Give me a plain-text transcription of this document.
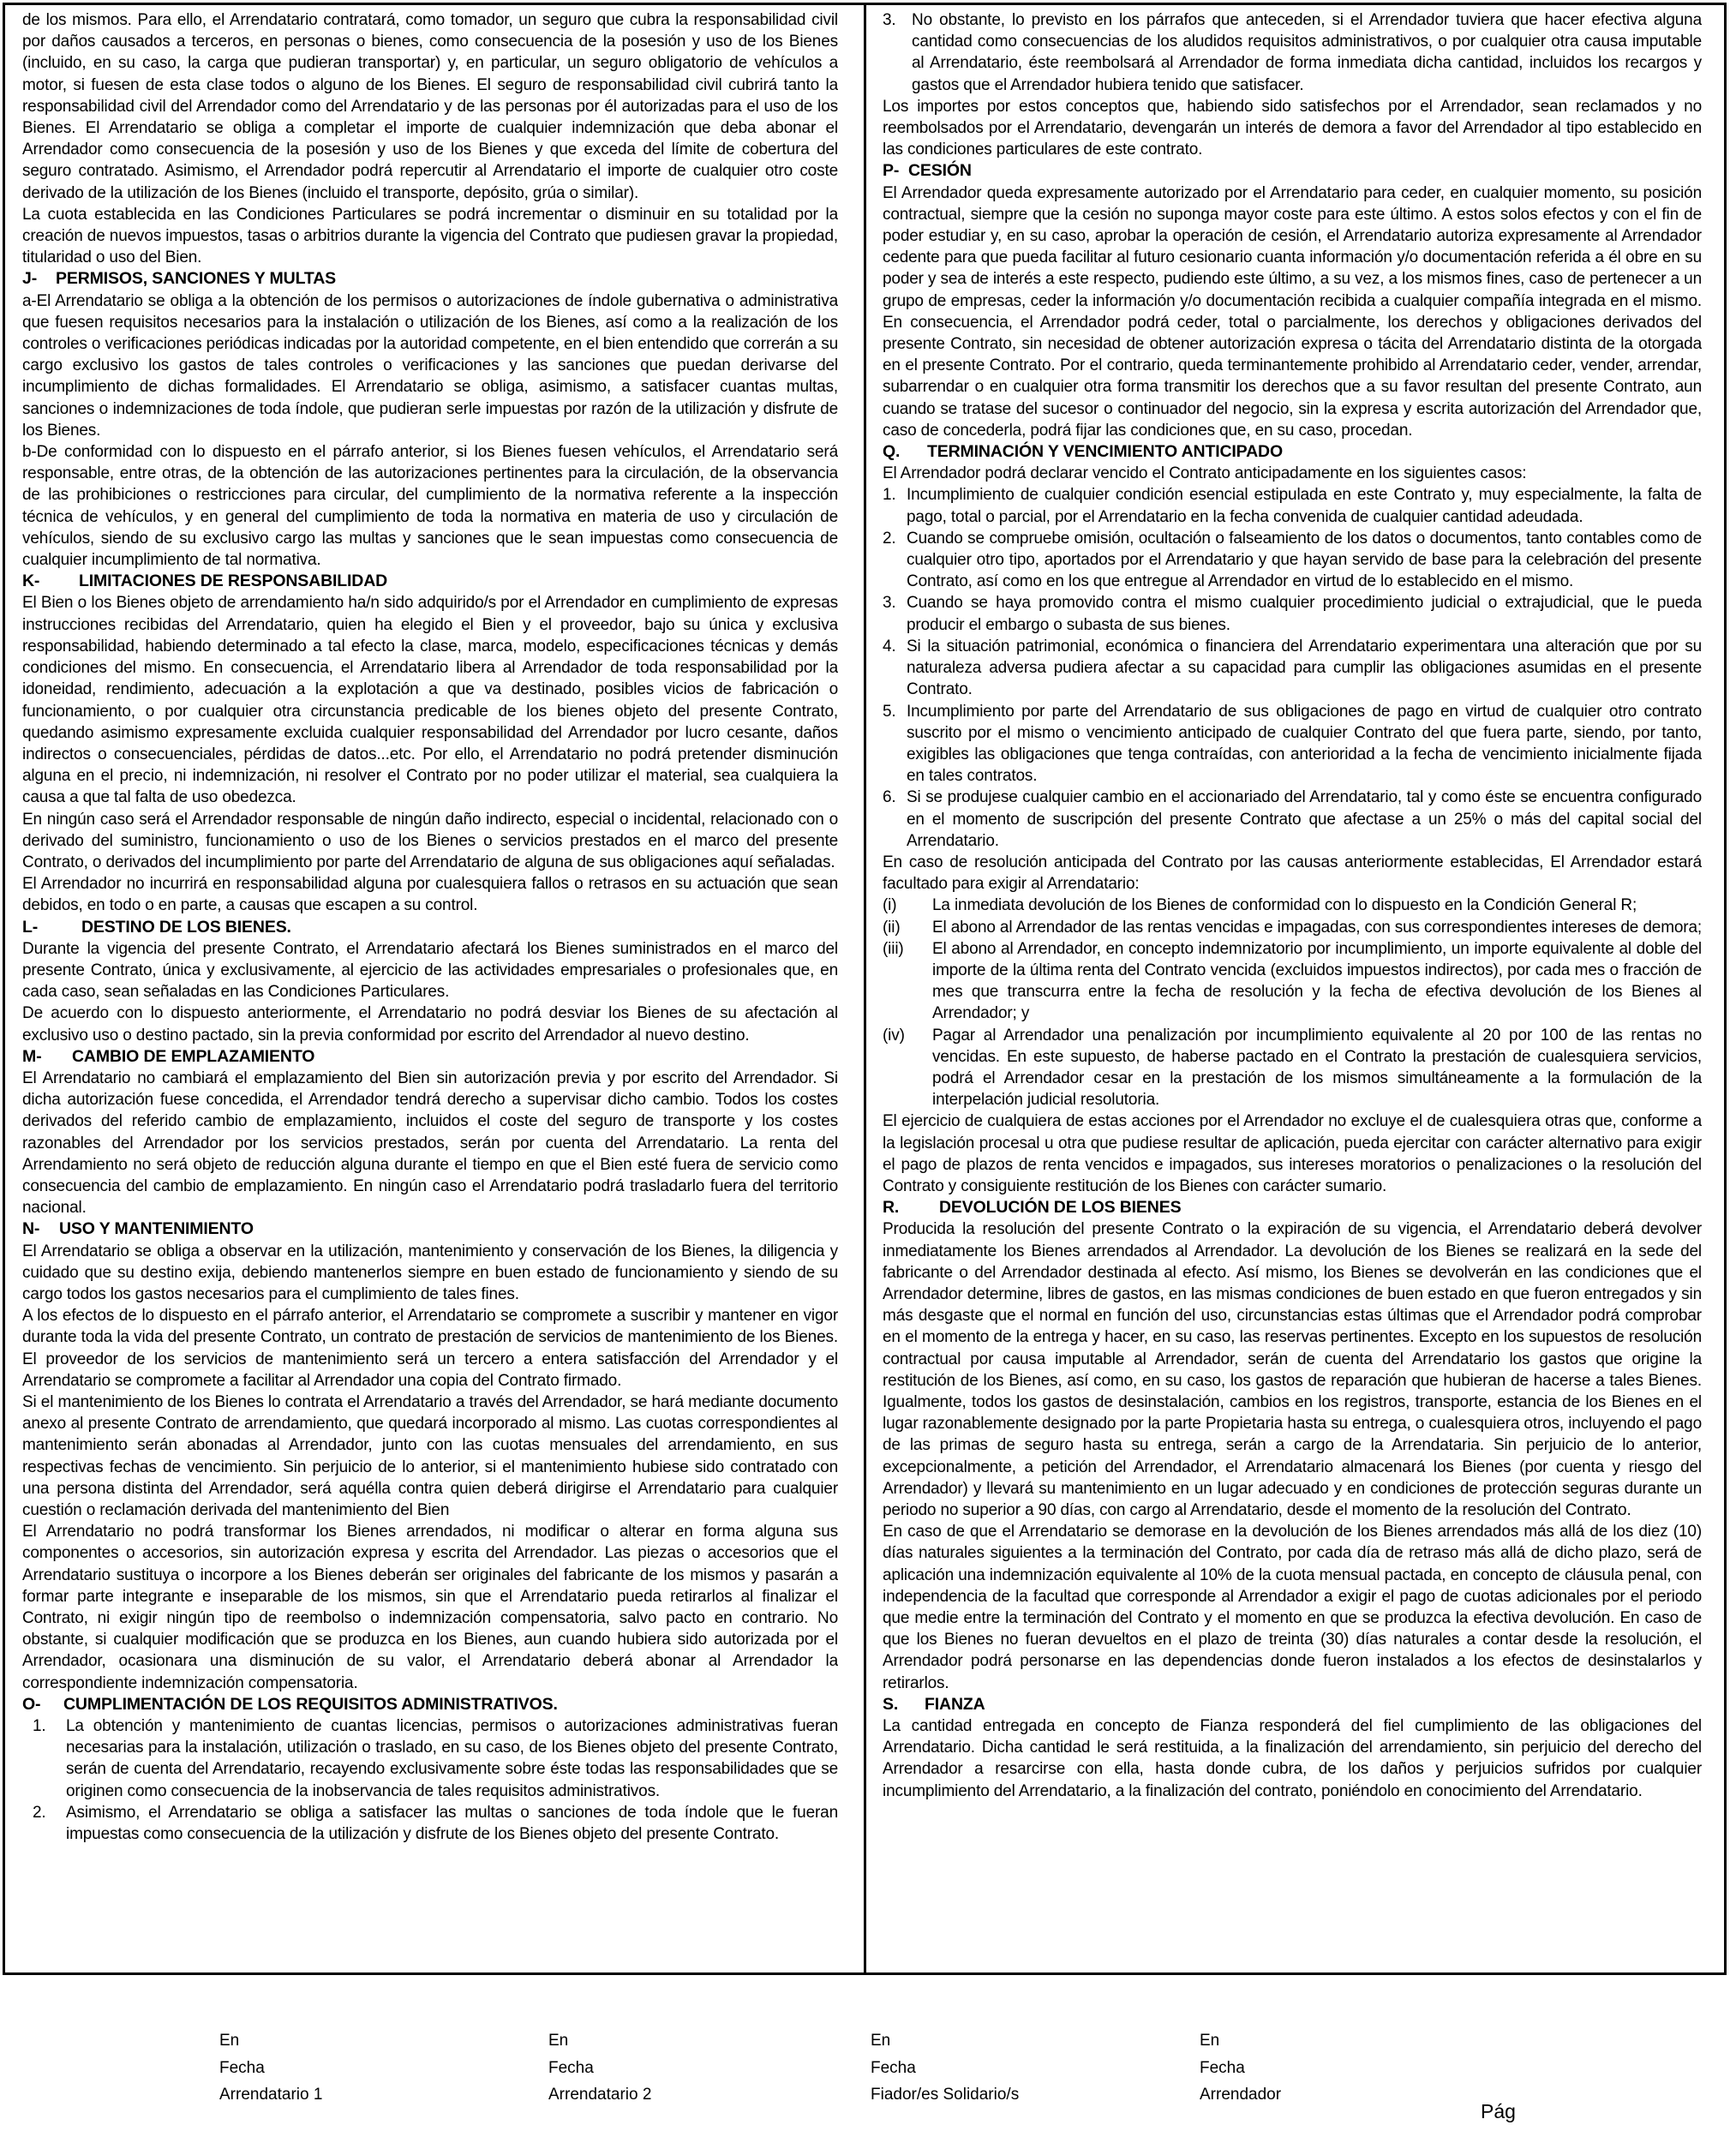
de los mismos. Para ello, el Arrendatario contratará, como tomador, un seguro que cubra la responsabilidad civil por daños causados a terceros, en personas o bienes, como consecuencia de la posesión y uso de los Bienes (incluido, en su caso, la carga que pudieran transportar) y, en particular, un seguro obligatorio de vehículos a motor, si fuesen de esta clase todos o alguno de los Bienes. El seguro de responsabilidad civil cubrirá tanto la responsabilidad civil del Arrendador como del Arrendatario y de las personas por él autorizadas para el uso de los Bienes. El Arrendatario se obliga a completar el importe de cualquier indemnización que deba abonar el Arrendador como consecuencia de la posesión y uso de los Bienes y que exceda del límite de cobertura del seguro contratado. Asimismo, el Arrendador podrá repercutir al Arrendatario el importe de cualquier otro coste derivado de la utilización de los Bienes (incluido el transporte, depósito, grúa o similar).

La cuota establecida en las Condiciones Particulares se podrá incrementar o disminuir en su totalidad por la creación de nuevos impuestos, tasas o arbitrios durante la vigencia del Contrato que pudiesen gravar la propiedad, titularidad o uso del Bien.

J- PERMISOS, SANCIONES Y MULTAS

a-El Arrendatario se obliga a la obtención de los permisos o autorizaciones de índole gubernativa o administrativa que fuesen requisitos necesarios para la instalación o utilización de los Bienes, así como a la realización de los controles o verificaciones periódicas indicadas por la autoridad competente, en el bien entendido que correrán a su cargo exclusivo los gastos de tales controles o verificaciones y las sanciones que puedan derivarse del incumplimiento de dichas formalidades. El Arrendatario se obliga, asimismo, a satisfacer cuantas multas, sanciones o indemnizaciones de toda índole, que pudieran serle impuestas por razón de la utilización y disfrute de los Bienes.

b-De conformidad con lo dispuesto en el párrafo anterior, si los Bienes fuesen vehículos, el Arrendatario será responsable, entre otras, de la obtención de las autorizaciones pertinentes para la circulación, de la observancia de las prohibiciones o restricciones para circular, del cumplimiento de la normativa referente a la inspección técnica de vehículos, y en general del cumplimiento de toda la normativa en materia de uso y circulación de vehículos, siendo de su exclusivo cargo las multas y sanciones que le sean impuestas como consecuencia de cualquier incumplimiento de tal normativa.

K- LIMITACIONES DE RESPONSABILIDAD

El Bien o los Bienes objeto de arrendamiento ha/n sido adquirido/s por el Arrendador en cumplimiento de expresas instrucciones recibidas del Arrendatario, quien ha elegido el Bien y el proveedor, bajo su única y exclusiva responsabilidad, habiendo determinado a tal efecto la clase, marca, modelo, especificaciones técnicas y demás condiciones del mismo. En consecuencia, el Arrendatario libera al Arrendador de toda responsabilidad por la idoneidad, rendimiento, adecuación a la explotación a que va destinado, posibles vicios de fabricación o funcionamiento, o por cualquier otra circunstancia predicable de los bienes objeto del presente Contrato, quedando asimismo expresamente excluida cualquier responsabilidad del Arrendador por lucro cesante, daños indirectos o consecuenciales, pérdidas de datos...etc. Por ello, el Arrendatario no podrá pretender disminución alguna en el precio, ni indemnización, ni resolver el Contrato por no poder utilizar el material, sea cualquiera la causa a que tal falta de uso obedezca.

En ningún caso será el Arrendador responsable de ningún daño indirecto, especial o incidental, relacionado con o derivado del suministro, funcionamiento o uso de los Bienes o servicios prestados en el marco del presente Contrato, o derivados del incumplimiento por parte del Arrendatario de alguna de sus obligaciones aquí señaladas.

El Arrendador no incurrirá en responsabilidad alguna por cualesquiera fallos o retrasos en su actuación que sean debidos, en todo o en parte, a causas que escapen a su control.

L-	DESTINO DE LOS BIENES.

Durante la vigencia del presente Contrato, el Arrendatario afectará los Bienes suministrados en el marco del presente Contrato, única y exclusivamente, al ejercicio de las actividades empresariales o profesionales que, en cada caso, sean señaladas en las Condiciones Particulares.

De acuerdo con lo dispuesto anteriormente, el Arrendatario no podrá desviar los Bienes de su afectación al exclusivo uso o destino pactado, sin la previa conformidad por escrito del Arrendador al nuevo destino.

M- CAMBIO DE EMPLAZAMIENTO

El Arrendatario no cambiará el emplazamiento del Bien sin autorización previa y por escrito del Arrendador. Si dicha autorización fuese concedida, el Arrendador tendrá derecho a supervisar dicho cambio. Todos los costes derivados del referido cambio de emplazamiento, incluidos el coste del seguro de transporte y los costes razonables del Arrendador por los servicios prestados, serán por cuenta del Arrendatario. La renta del Arrendamiento no será objeto de reducción alguna durante el tiempo en que el Bien esté fuera de servicio como consecuencia del cambio de emplazamiento. En ningún caso el Arrendatario podrá trasladarlo fuera del territorio nacional.

N- USO Y MANTENIMIENTO

El Arrendatario se obliga a observar en la utilización, mantenimiento y conservación de los Bienes, la diligencia y cuidado que su destino exija, debiendo mantenerlos siempre en buen estado de funcionamiento y siendo de su cargo todos los gastos necesarios para el cumplimiento de tales fines.

A los efectos de lo dispuesto en el párrafo anterior, el Arrendatario se compromete a suscribir y mantener en vigor durante toda la vida del presente Contrato, un contrato de prestación de servicios de mantenimiento de los Bienes. El proveedor de los servicios de mantenimiento será un tercero a entera satisfacción del Arrendador y el Arrendatario se compromete a facilitar al Arrendador una copia del Contrato firmado.

Si el mantenimiento de los Bienes lo contrata el Arrendatario a través del Arrendador, se hará mediante documento anexo al presente Contrato de arrendamiento, que quedará incorporado al mismo. Las cuotas correspondientes al mantenimiento serán abonadas al Arrendador, junto con las cuotas mensuales del arrendamiento, en sus respectivas fechas de vencimiento. Sin perjuicio de lo anterior, si el mantenimiento hubiese sido contratado con una persona distinta del Arrendador, será aquélla contra quien deberá dirigirse el Arrendatario para cualquier cuestión o reclamación derivada del mantenimiento del Bien

El Arrendatario no podrá transformar los Bienes arrendados, ni modificar o alterar en forma alguna sus componentes o accesorios, sin autorización expresa y escrita del Arrendador. Las piezas o accesorios que el Arrendatario sustituya o incorpore a los Bienes deberán ser originales del fabricante de los mismos y pasarán a formar parte integrante e inseparable de los mismos, sin que el Arrendatario pueda retirarlos al finalizar el Contrato, ni exigir ningún tipo de reembolso o indemnización compensatoria, salvo pacto en contrario. No obstante, si cualquier modificación que se produzca en los Bienes, aun cuando hubiera sido autorizada por el Arrendador, ocasionara una disminución de su valor, el Arrendatario deberá abonar al Arrendador la correspondiente indemnización compensatoria.

O- CUMPLIMENTACIÓN DE LOS REQUISITOS ADMINISTRATIVOS.
1. La obtención y mantenimiento de cuantas licencias, permisos o autorizaciones administrativas fueran necesarias para la instalación, utilización o traslado, en su caso, de los Bienes objeto del presente Contrato, serán de cuenta del Arrendatario, recayendo exclusivamente sobre éste todas las responsabilidades que se originen como consecuencia de la inobservancia de tales requisitos administrativos.
2. Asimismo, el Arrendatario se obliga a satisfacer las multas o sanciones de toda índole que le fueran impuestas como consecuencia de la utilización y disfrute de los Bienes objeto del presente Contrato.
3. No obstante, lo previsto en los párrafos que anteceden, si el Arrendador tuviera que hacer efectiva alguna cantidad como consecuencias de los aludidos requisitos administrativos, o por cualquier otra causa imputable al Arrendatario, éste reembolsará al Arrendador de forma inmediata dicha cantidad, incluidos los recargos y gastos que el Arrendador hubiera tenido que satisfacer.

Los importes por estos conceptos que, habiendo sido satisfechos por el Arrendador, sean reclamados y no reembolsados por el Arrendatario, devengarán un interés de demora a favor del Arrendador al tipo establecido en las condiciones particulares de este contrato.

P- CESIÓN

El Arrendador queda expresamente autorizado por el Arrendatario para ceder, en cualquier momento, su posición contractual, siempre que la cesión no suponga mayor coste para este último. A estos solos efectos y con el fin de poder estudiar y, en su caso, aprobar la operación de cesión, el Arrendatario autoriza expresamente al Arrendador cedente para que pueda facilitar al futuro cesionario cuanta información y/o documentación referida a él obre en su poder y sea de interés a este respecto, pudiendo este último, a su vez, a los mismos fines, caso de pertenecer a un grupo de empresas, ceder la información y/o documentación recibida a cualquier compañía integrada en el mismo. En consecuencia, el Arrendador podrá ceder, total o parcialmente, los derechos y obligaciones derivados del presente Contrato, sin necesidad de obtener autorización expresa o tácita del Arrendatario distinta de la otorgada en el presente Contrato. Por el contrario, queda terminantemente prohibido al Arrendatario ceder, vender, arrendar, subarrendar o en cualquier otra forma transmitir los derechos que a su favor resultan del presente Contrato, aun cuando se tratase del sucesor o continuador del negocio, sin la expresa y escrita autorización del Arrendador que, caso de concederla, podrá fijar las condiciones que, en su caso, procedan.

Q. TERMINACIÓN Y VENCIMIENTO ANTICIPADO

El Arrendador podrá declarar vencido el Contrato anticipadamente en los siguientes casos:

1. Incumplimiento de cualquier condición esencial estipulada en este Contrato y, muy especialmente, la falta de pago, total o parcial, por el Arrendatario en la fecha convenida de cualquier cantidad adeudada.
2. Cuando se compruebe omisión, ocultación o falseamiento de los datos o documentos, tanto contables como de cualquier otro tipo, aportados por el Arrendatario y que hayan servido de base para la celebración del presente Contrato, así como en los que entregue al Arrendador en virtud de lo establecido en el mismo.
3. Cuando se haya promovido contra el mismo cualquier procedimiento judicial o extrajudicial, que le pueda producir el embargo o subasta de sus bienes.
4. Si la situación patrimonial, económica o financiera del Arrendatario experimentara una alteración que por su naturaleza adversa pudiera afectar a su capacidad para cumplir las obligaciones asumidas en el presente Contrato.
5. Incumplimiento por parte del Arrendatario de sus obligaciones de pago en virtud de cualquier otro contrato suscrito por el mismo o vencimiento anticipado de cualquier Contrato del que fuera parte, siendo, por tanto, exigibles las obligaciones que tenga contraídas, con anterioridad a la fecha de vencimiento inicialmente fijada en tales contratos.
6. Si se produjese cualquier cambio en el accionariado del Arrendatario, tal y como éste se encuentra configurado en el momento de suscripción del presente Contrato que afectase a un 25% o más del capital social del Arrendatario.

En caso de resolución anticipada del Contrato por las causas anteriormente establecidas, El Arrendador estará facultado para exigir al Arrendatario:

(i) La inmediata devolución de los Bienes de conformidad con lo dispuesto en la Condición General R;
(ii) El abono al Arrendador de las rentas vencidas e impagadas, con sus correspondientes intereses de demora;
(iii) El abono al Arrendador, en concepto indemnizatorio por incumplimiento, un importe equivalente al doble del importe de la última renta del Contrato vencida (excluidos impuestos indirectos), por cada mes o fracción de mes que transcurra entre la fecha de resolución y la fecha de efectiva devolución de los Bienes al Arrendador; y
(iv) Pagar al Arrendador una penalización por incumplimiento equivalente al 20 por 100 de las rentas no vencidas. En este supuesto, de haberse pactado en el Contrato la prestación de cualesquiera servicios, podrá el Arrendador cesar en la prestación de los mismos simultáneamente a la formulación de la interpelación judicial resolutoria.

El ejercicio de cualquiera de estas acciones por el Arrendador no excluye el de cualesquiera otras que, conforme a la legislación procesal u otra que pudiese resultar de aplicación, pueda ejercitar con carácter alternativo para exigir el pago de plazos de renta vencidos e impagados, sus intereses moratorios o penalizaciones o la resolución del Contrato y consiguiente restitución de los Bienes con carácter sumario.

R. DEVOLUCIÓN DE LOS BIENES

Producida la resolución del presente Contrato o la expiración de su vigencia, el Arrendatario deberá devolver inmediatamente los Bienes arrendados al Arrendador. La devolución de los Bienes se realizará en la sede del fabricante o del Arrendador destinada al efecto. Así mismo, los Bienes se devolverán en las condiciones que el Arrendador determine, libres de gastos, en las mismas condiciones de buen estado en que fueron entregados y sin más desgaste que el normal en función del uso, circunstancias estas últimas que el Arrendador podrá comprobar en el momento de la entrega y hacer, en su caso, las reservas pertinentes. Excepto en los supuestos de resolución contractual por causa imputable al Arrendador, serán de cuenta del Arrendatario los gastos que origine la restitución de los Bienes, así como, en su caso, los gastos de reparación que hubieran de hacerse a tales Bienes. Igualmente, todos los gastos de desinstalación, cambios en los registros, transporte, estancia de los Bienes en el lugar razonablemente designado por la parte Propietaria hasta su entrega, o cualesquiera otros, incluyendo el pago de las primas de seguro hasta su entrega, serán a cargo de la Arrendataria. Sin perjuicio de lo anterior, excepcionalmente, a petición del Arrendador, el Arrendatario almacenará los Bienes (por cuenta y riesgo del Arrendador) y llevará su mantenimiento en un lugar adecuado y en condiciones de protección seguras durante un periodo no superior a 90 días, con cargo al Arrendatario, desde el momento de la resolución del Contrato.

En caso de que el Arrendatario se demorase en la devolución de los Bienes arrendados más allá de los diez (10) días naturales siguientes a la terminación del Contrato, por cada día de retraso más allá de dicho plazo, será de aplicación una indemnización equivalente al 10% de la cuota mensual pactada, en concepto de cláusula penal, con independencia de la facultad que corresponde al Arrendador a exigir el pago de cuotas adicionales por el periodo que medie entre la terminación del Contrato y el momento en que se produzca la efectiva devolución. En caso de que los Bienes no fueran devueltos en el plazo de treinta (30) días naturales a contar desde la resolución, el Arrendador podrá personarse en las dependencias donde fueron instalados a los efectos de desinstalarlos y retirarlos.

S. FIANZA

La cantidad entregada en concepto de Fianza responderá del fiel cumplimiento de las obligaciones del Arrendatario. Dicha cantidad le será restituida, a la finalización del arrendamiento, sin perjuicio del derecho del Arrendador a resarcirse con ella, hasta donde cubra, de los daños y perjuicios sufridos por cualquier incumplimiento del Arrendatario, a la finalización del contrato, poniéndolo en conocimiento del Arrendatario.

En
Fecha
Arrendatario 1
En
Fecha
Arrendatario 2
En
Fecha
Fiador/es Solidario/s
En
Fecha
Arrendador
Pág
